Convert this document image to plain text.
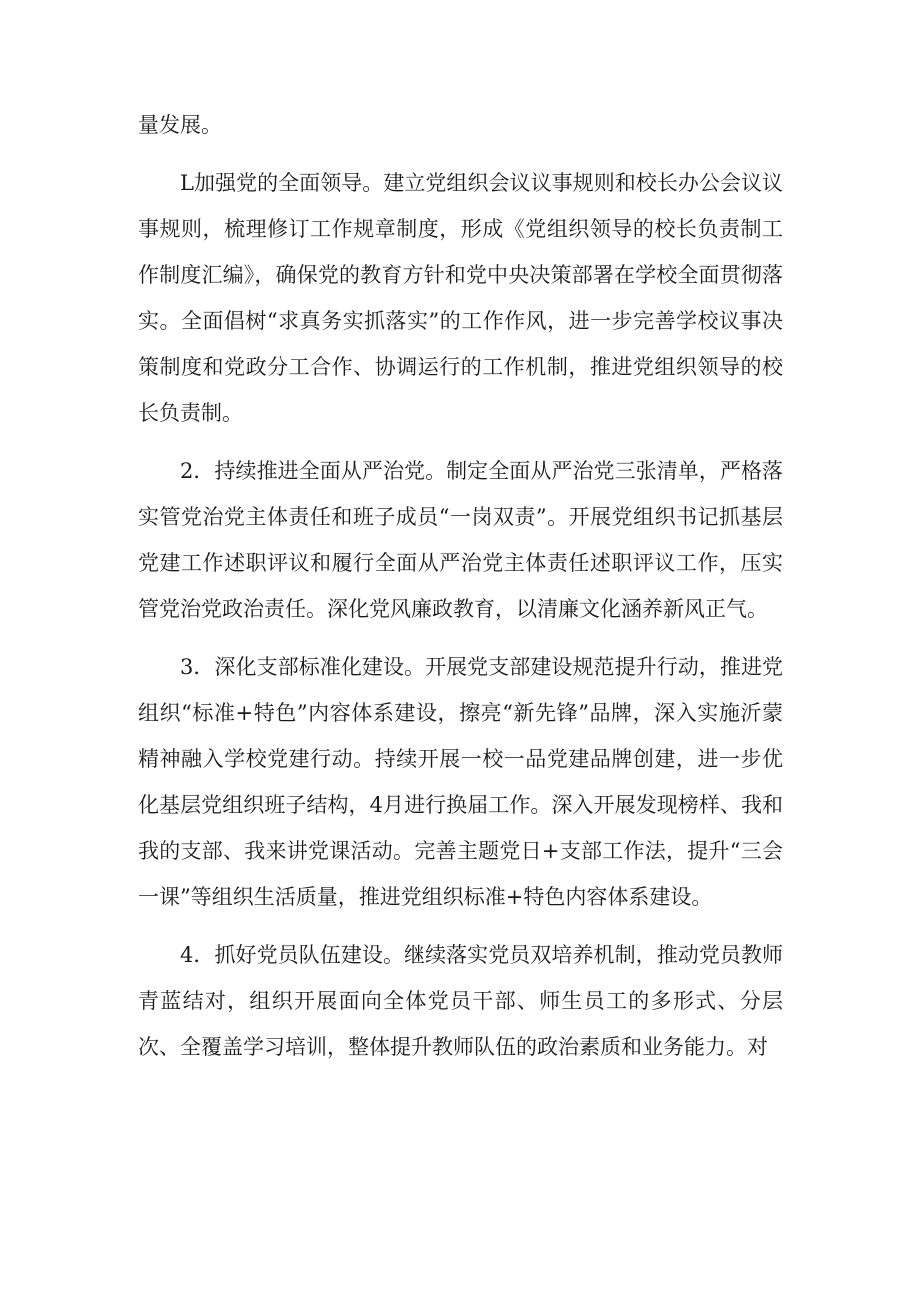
量发展。

L加强党的全面领导。建立党组织会议议事规则和校长办公会议议事规则，梳理修订工作规章制度，形成《党组织领导的校长负责制工作制度汇编》，确保党的教育方针和党中央决策部署在学校全面贯彻落实。全面倡树“求真务实抓落实”的工作作风，进一步完善学校议事决策制度和党政分工合作、协调运行的工作机制，推进党组织领导的校长负责制。

2．持续推进全面从严治党。制定全面从严治党三张清单，严格落实管党治党主体责任和班子成员“一岗双责”。开展党组织书记抓基层党建工作述职评议和履行全面从严治党主体责任述职评议工作，压实管党治党政治责任。深化党风廉政教育，以清廉文化涵养新风正气。

3．深化支部标准化建设。开展党支部建设规范提升行动，推进党组织“标准+特色”内容体系建设，擦亮“新先锋”品牌，深入实施沂蒙精神融入学校党建行动。持续开展一校一品党建品牌创建，进一步优化基层党组织班子结构，4月进行换届工作。深入开展发现榜样、我和我的支部、我来讲党课活动。完善主题党日+支部工作法，提升“三会一课”等组织生活质量，推进党组织标准+特色内容体系建设。

4．抓好党员队伍建设。继续落实党员双培养机制，推动党员教师青蓝结对，组织开展面向全体党员干部、师生员工的多形式、分层次、全覆盖学习培训，整体提升教师队伍的政治素质和业务能力。对
